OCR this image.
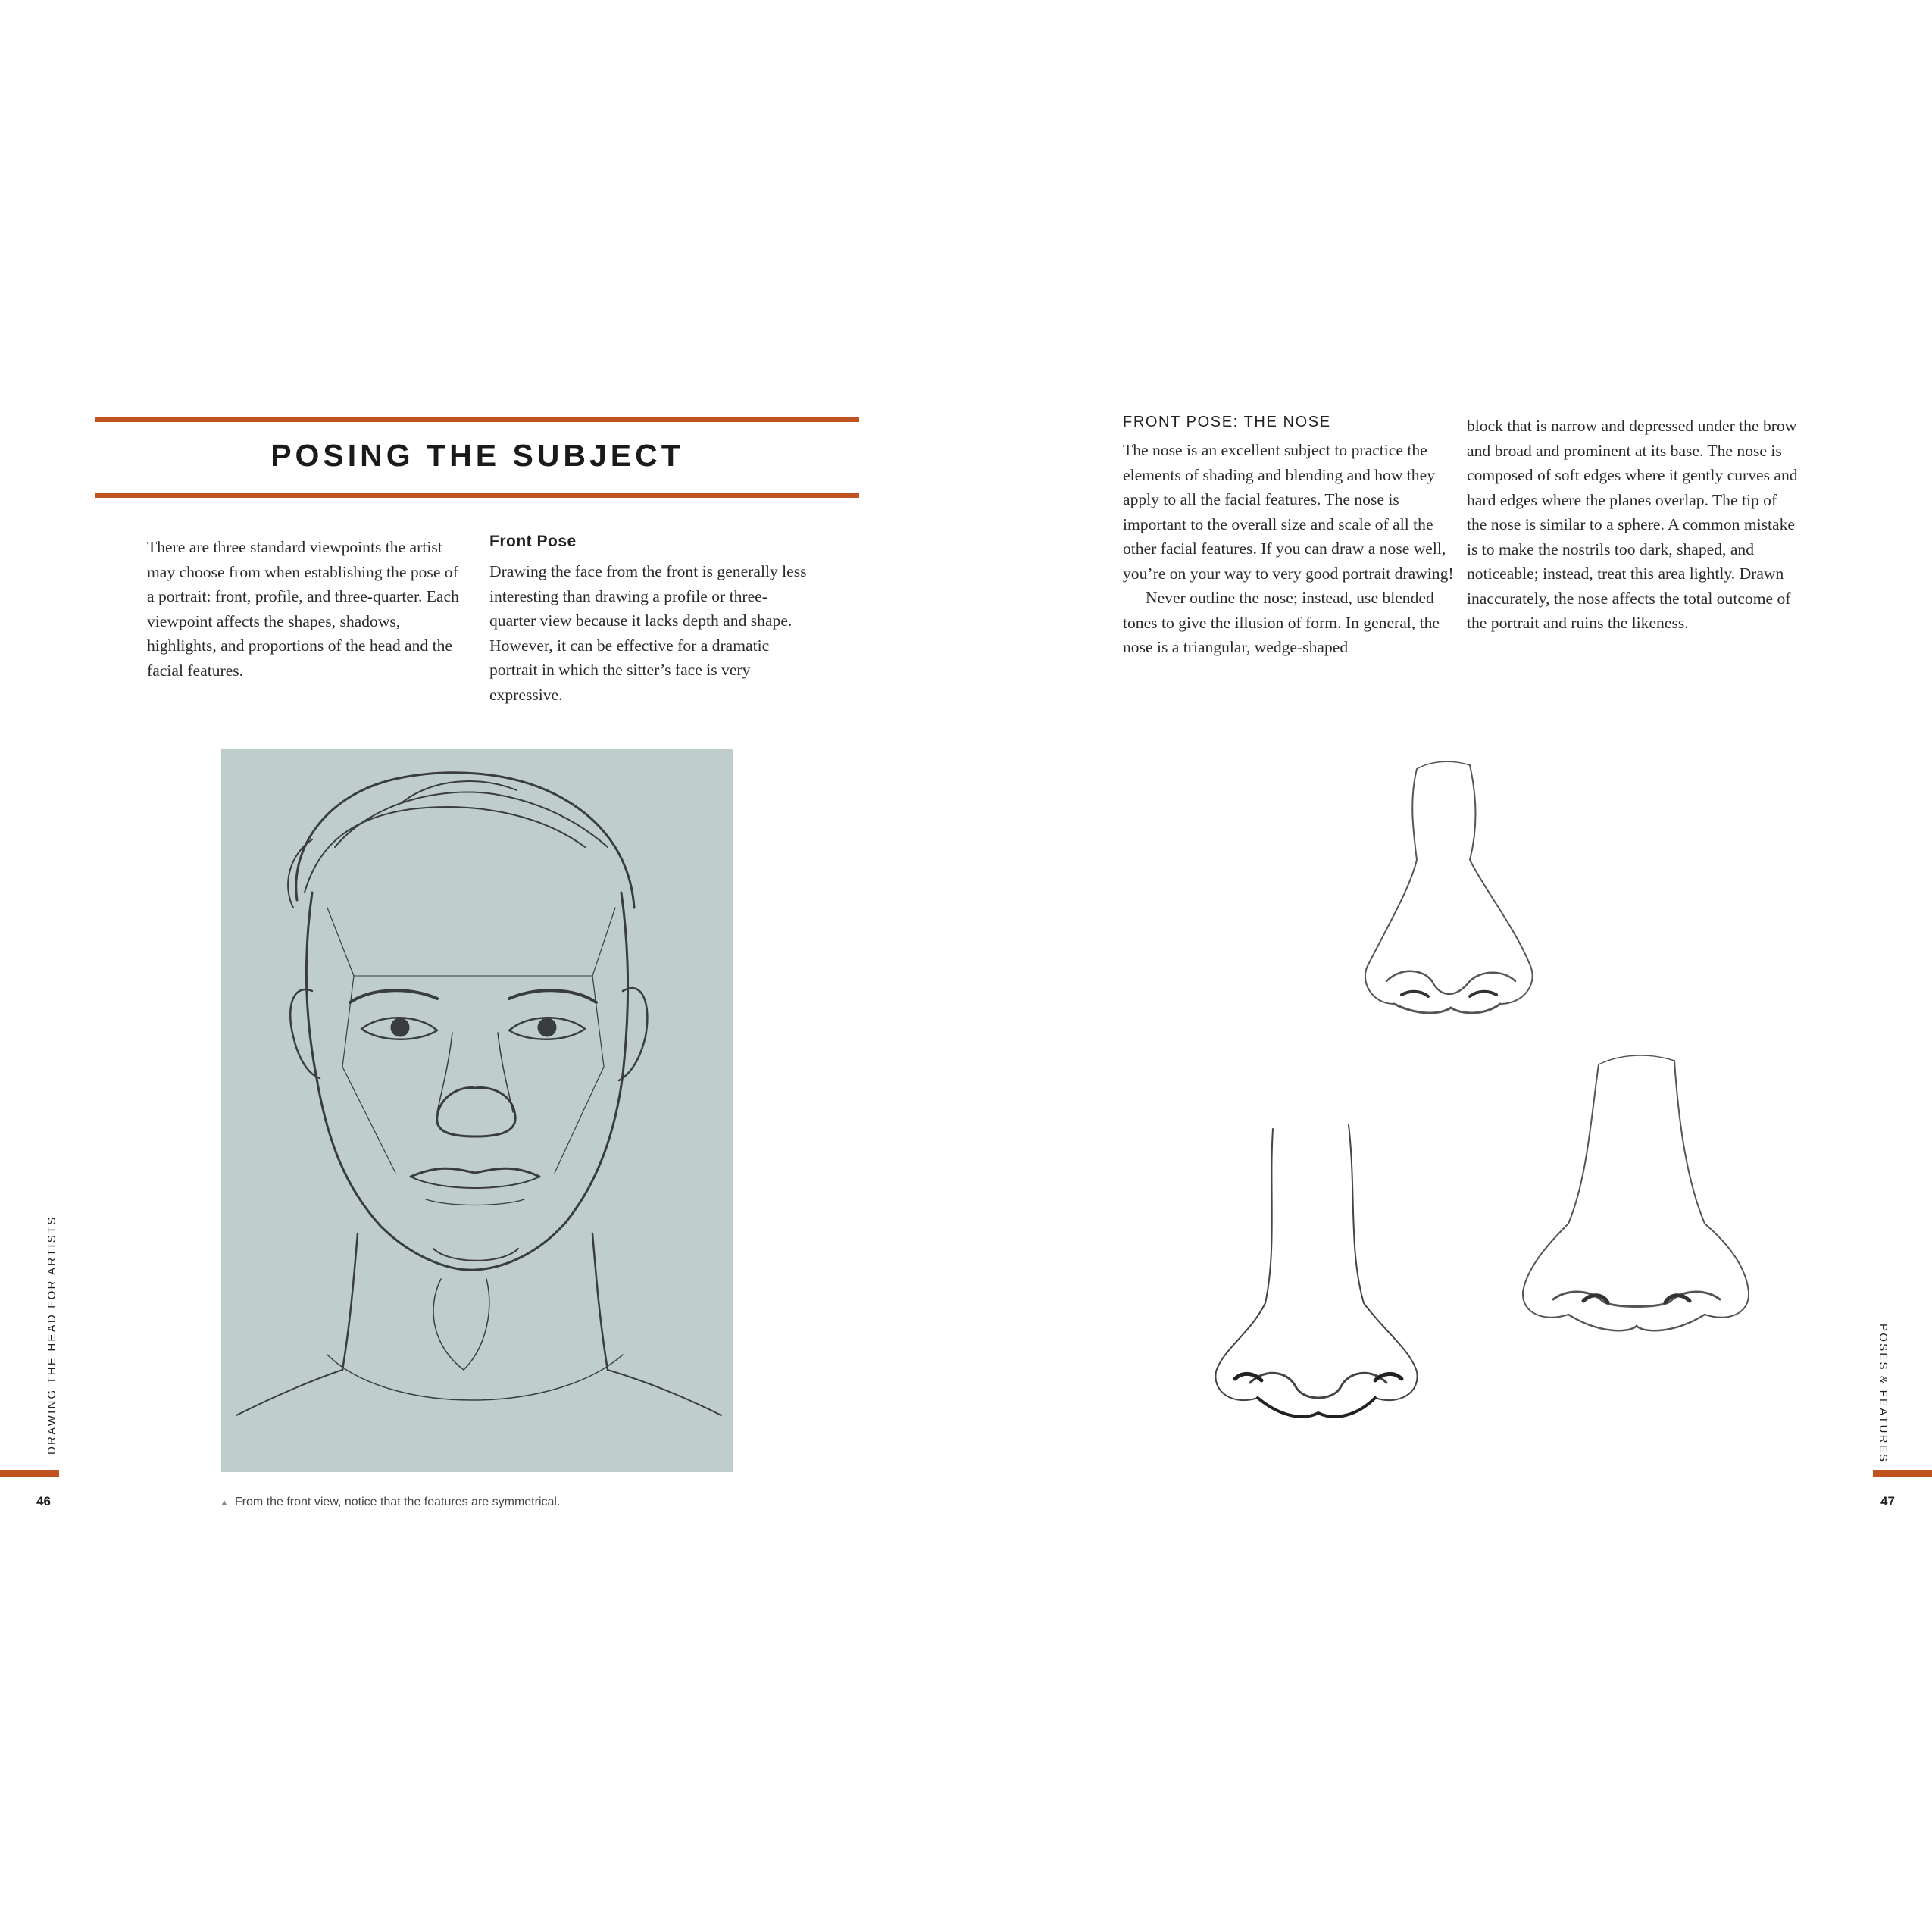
POSING THE SUBJECT

There are three standard viewpoints the artist may choose from when establishing the pose of a portrait: front, profile, and three-quarter. Each viewpoint affects the shapes, shadows, highlights, and proportions of the head and the facial features.

Front Pose

Drawing the face from the front is generally less interesting than drawing a profile or three-quarter view because it lacks depth and shape. However, it can be effective for a dramatic portrait in which the sitter’s face is very expressive.

▲ From the front view, notice that the features are symmetrical.
DRAWING THE HEAD FOR ARTISTS
46
FRONT POSE: THE NOSE

The nose is an excellent subject to practice the elements of shading and blending and how they apply to all the facial features. The nose is important to the overall size and scale of all the other facial features. If you can draw a nose well, you’re on your way to very good portrait drawing!

Never outline the nose; instead, use blended tones to give the illusion of form. In general, the nose is a triangular, wedge-shaped

block that is narrow and depressed under the brow and broad and prominent at its base. The nose is composed of soft edges where it gently curves and hard edges where the planes overlap. The tip of the nose is similar to a sphere. A common mistake is to make the nostrils too dark, shaped, and noticeable; instead, treat this area lightly. Drawn inaccurately, the nose affects the total outcome of the portrait and ruins the likeness.

POSES & FEATURES
47
